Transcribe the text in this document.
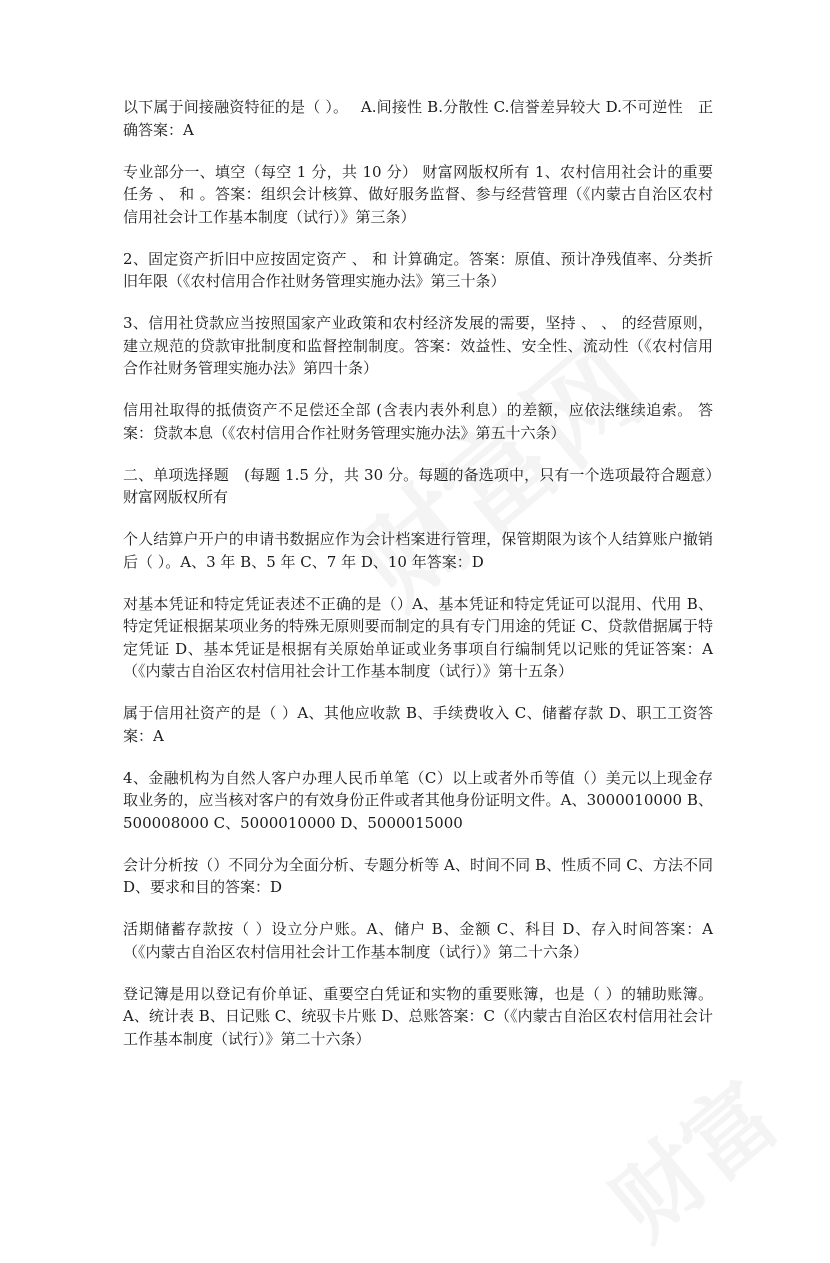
以下属于间接融资特征的是（ ）。　 A.间接性 B.分散性 C.信誉差异较大 D.不可逆性　正确答案：A

专业部分一、填空（每空 1 分，共 10 分） 财富网版权所有 1、农村信用社会计的重要任务 、 和 。答案：组织会计核算、做好服务监督、参与经营管理（《内蒙古自治区农村信用社会计工作基本制度（试行）》第三条）

2、固定资产折旧中应按固定资产 、 和 计算确定。答案：原值、预计净残值率、分类折旧年限（《农村信用合作社财务管理实施办法》第三十条）

3、信用社贷款应当按照国家产业政策和农村经济发展的需要，坚持 、 、 的经营原则，建立规范的贷款审批制度和监督控制制度。答案：效益性、安全性、流动性（《农村信用合作社财务管理实施办法》第四十条）

信用社取得的抵债资产不足偿还全部 (含表内表外利息）的差额，应依法继续追索。 答案：贷款本息（《农村信用合作社财务管理实施办法》第五十六条）

二、单项选择题　(每题 1.5 分，共 30 分。每题的备选项中，只有一个选项最符合题意）财富网版权所有

个人结算户开户的申请书数据应作为会计档案进行管理，保管期限为该个人结算账户撤销后（ ）。A、3 年 B、5 年 C、7 年 D、10 年答案：D

对基本凭证和特定凭证表述不正确的是（）A、基本凭证和特定凭证可以混用、代用 B、特定凭证根据某项业务的特殊无原则要而制定的具有专门用途的凭证 C、贷款借据属于特定凭证 D、基本凭证是根据有关原始单证或业务事项自行编制凭以记账的凭证答案：A（《内蒙古自治区农村信用社会计工作基本制度（试行）》第十五条）

属于信用社资产的是（ ）A、其他应收款 B、手续费收入 C、储蓄存款 D、职工工资答案：A

4、金融机构为自然人客户办理人民币单笔（C）以上或者外币等值（）美元以上现金存取业务的，应当核对客户的有效身份正件或者其他身份证明文件。A、3000010000 B、500008000 C、5000010000 D、5000015000

会计分析按（）不同分为全面分析、专题分析等 A、时间不同 B、性质不同 C、方法不同 D、要求和目的答案：D

活期储蓄存款按（ ）设立分户账。A、储户 B、金额 C、科目 D、存入时间答案：A（《内蒙古自治区农村信用社会计工作基本制度（试行）》第二十六条）

登记簿是用以登记有价单证、重要空白凭证和实物的重要账簿，也是（ ）的辅助账簿。A、统计表 B、日记账 C、统驭卡片账 D、总账答案：C（《内蒙古自治区农村信用社会计工作基本制度（试行）》第二十六条）
